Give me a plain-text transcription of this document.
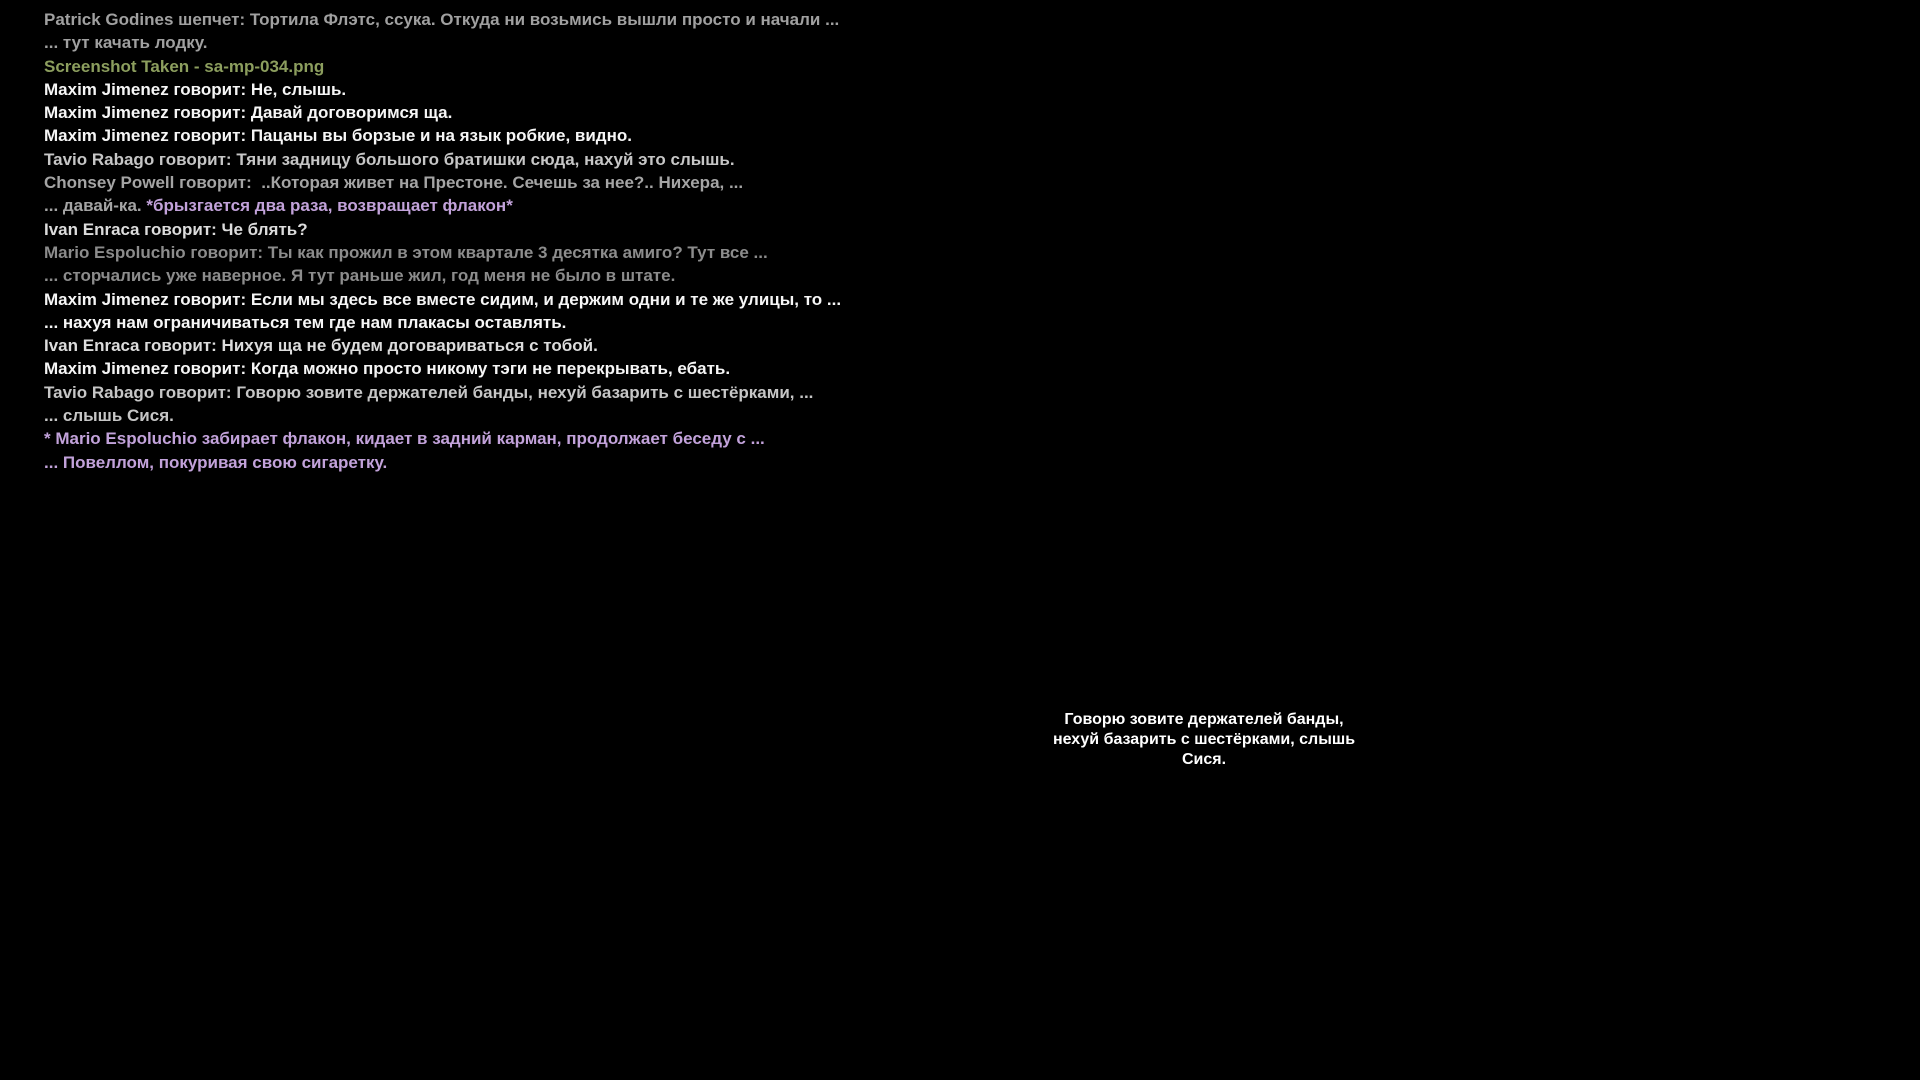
Patrick Godines шепчет: Тортила Флэтс, ссука. Откуда ни возьмись вышли просто и начали ...
... тут качать лодку.
Screenshot Taken - sa-mp-034.png
Maxim Jimenez говорит: Не, слышь.
Maxim Jimenez говорит: Давай договоримся ща.
Maxim Jimenez говорит: Пацаны вы борзые и на язык робкие, видно.
Tavio Rabago говорит: Тяни задницу большого братишки сюда, нахуй это слышь.
Chonsey Powell говорит:  ..Которая живет на Престоне. Сечешь за нее?.. Нихера, ...
... давай-ка. *брызгается два раза, возвращает флакон*
Ivan Enraca говорит: Че блять?
Mario Espoluchio говорит: Ты как прожил в этом квартале 3 десятка амиго? Тут все ...
... сторчались уже наверное. Я тут раньше жил, год меня не было в штате.
Maxim Jimenez говорит: Если мы здесь все вместе сидим, и держим одни и те же улицы, то ...
... нахуя нам ограничиваться тем где нам плакасы оставлять.
Ivan Enraca говорит: Нихуя ща не будем договариваться с тобой.
Maxim Jimenez говорит: Когда можно просто никому тэги не перекрывать, ебать.
Tavio Rabago говорит: Говорю зовите держателей банды, нехуй базарить с шестёрками, ...
... слышь Сися.
* Mario Espoluchio забирает флакон, кидает в задний карман, продолжает беседу с ...
... Повеллом, покуривая свою сигаретку.
Говорю зовите держателей банды,
нехуй базарить с шестёрками, слышь
Сися.
